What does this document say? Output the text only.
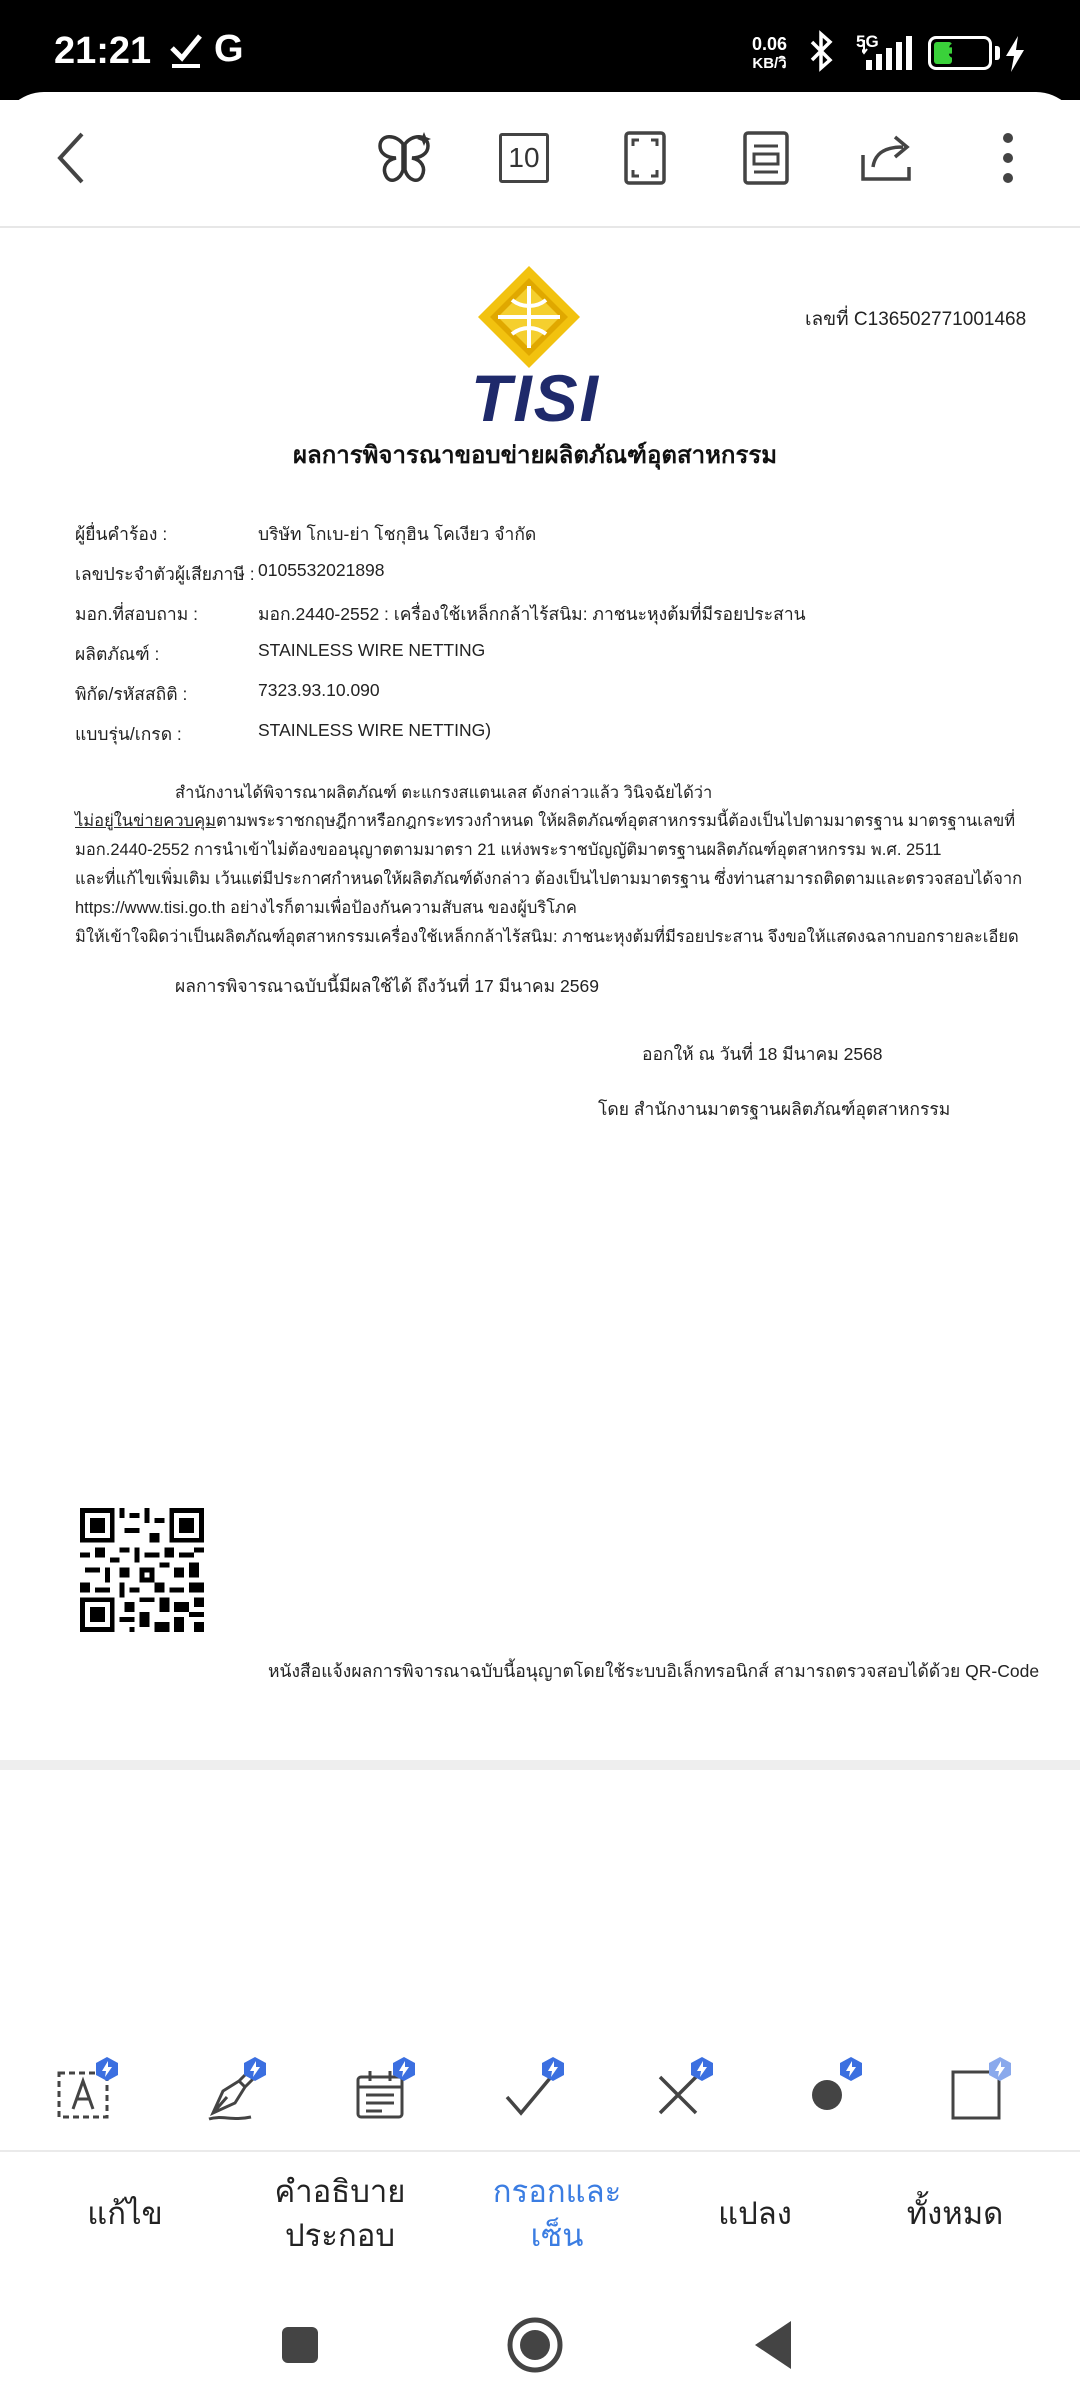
21:21 G	0.06
KB/วิ
5G	31
10
TISI
เลขที่ C136502771001468
ผลการพิจารณาขอบข่ายผลิตภัณฑ์อุตสาหกรรม
ผู้ยื่นคำร้อง :	บริษัท โกเบ-ย่า โชกุฮิน โคเงียว จำกัด
เลขประจำตัวผู้เสียภาษี : 0105532021898
มอก.ที่สอบถาม :	มอก.2440-2552 : เครื่องใช้เหล็กกล้าไร้สนิม: ภาชนะหุงต้มที่มีรอยประสาน
ผลิตภัณฑ์ :	STAINLESS WIRE NETTING
พิกัด/รหัสสถิติ :	7323.93.10.090
แบบรุ่น/เกรด :	STAINLESS WIRE NETTING)
สำนักงานได้พิจารณาผลิตภัณฑ์ ตะแกรงสแตนเลส ดังกล่าวแล้ว วินิจฉัยได้ว่า
ไม่อยู่ในข่ายควบคุมตามพระราชกฤษฎีกาหรือกฎกระทรวงกำหนด ให้ผลิตภัณฑ์อุตสาหกรรมนี้ต้องเป็นไปตามมาตรฐาน มาตรฐานเลขที่
มอก.2440-2552 การนำเข้าไม่ต้องขออนุญาตตามมาตรา 21 แห่งพระราชบัญญัติมาตรฐานผลิตภัณฑ์อุตสาหกรรม พ.ศ. 2511
และที่แก้ไขเพิ่มเติม เว้นแต่มีประกาศกำหนดให้ผลิตภัณฑ์ดังกล่าว ต้องเป็นไปตามมาตรฐาน ซึ่งท่านสามารถติดตามและตรวจสอบได้จาก
https://www.tisi.go.th อย่างไรก็ตามเพื่อป้องกันความสับสน ของผู้บริโภค
มิให้เข้าใจผิดว่าเป็นผลิตภัณฑ์อุตสาหกรรมเครื่องใช้เหล็กกล้าไร้สนิม: ภาชนะหุงต้มที่มีรอยประสาน จึงขอให้แสดงฉลากบอกรายละเอียด
ผลการพิจารณาฉบับนี้มีผลใช้ได้ ถึงวันที่ 17 มีนาคม 2569
ออกให้ ณ วันที่ 18 มีนาคม 2568
โดย สำนักงานมาตรฐานผลิตภัณฑ์อุตสาหกรรม
หนังสือแจ้งผลการพิจารณาฉบับนี้อนุญาตโดยใช้ระบบอิเล็กทรอนิกส์ สามารถตรวจสอบได้ด้วย QR-Code
แก้ไข
คำอธิบาย
ประกอบ
กรอกและ
เซ็น
แปลง	ทั้งหมด
